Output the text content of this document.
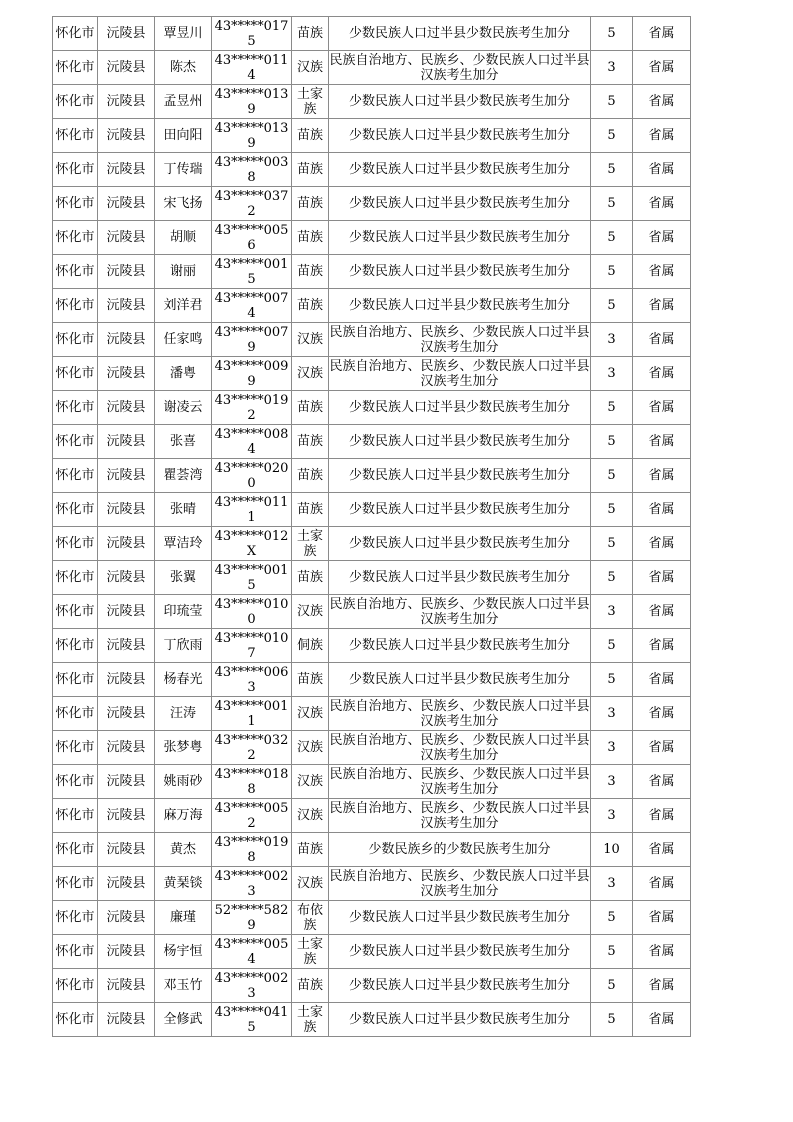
怀化市	沅陵县	覃昱川	43*****0175	苗族	少数民族人口过半县少数民族考生加分	5	省属
怀化市	沅陵县	陈杰	43*****0114	汉族	民族自治地方、民族乡、少数民族人口过半县汉族考生加分	3	省属
怀化市	沅陵县	孟昱州	43*****0139	土家族	少数民族人口过半县少数民族考生加分	5	省属
怀化市	沅陵县	田向阳	43*****0139	苗族	少数民族人口过半县少数民族考生加分	5	省属
怀化市	沅陵县	丁传瑞	43*****0038	苗族	少数民族人口过半县少数民族考生加分	5	省属
怀化市	沅陵县	宋飞扬	43*****0372	苗族	少数民族人口过半县少数民族考生加分	5	省属
怀化市	沅陵县	胡顺	43*****0056	苗族	少数民族人口过半县少数民族考生加分	5	省属
怀化市	沅陵县	谢丽	43*****0015	苗族	少数民族人口过半县少数民族考生加分	5	省属
怀化市	沅陵县	刘洋君	43*****0074	苗族	少数民族人口过半县少数民族考生加分	5	省属
怀化市	沅陵县	任家鸣	43*****0079	汉族	民族自治地方、民族乡、少数民族人口过半县汉族考生加分	3	省属
怀化市	沅陵县	潘粤	43*****0099	汉族	民族自治地方、民族乡、少数民族人口过半县汉族考生加分	3	省属
怀化市	沅陵县	谢凌云	43*****0192	苗族	少数民族人口过半县少数民族考生加分	5	省属
怀化市	沅陵县	张喜	43*****0084	苗族	少数民族人口过半县少数民族考生加分	5	省属
怀化市	沅陵县	瞿荟湾	43*****0200	苗族	少数民族人口过半县少数民族考生加分	5	省属
怀化市	沅陵县	张晴	43*****0111	苗族	少数民族人口过半县少数民族考生加分	5	省属
怀化市	沅陵县	覃洁玲	43*****012X	土家族	少数民族人口过半县少数民族考生加分	5	省属
怀化市	沅陵县	张翼	43*****0015	苗族	少数民族人口过半县少数民族考生加分	5	省属
怀化市	沅陵县	印琉莹	43*****0100	汉族	民族自治地方、民族乡、少数民族人口过半县汉族考生加分	3	省属
怀化市	沅陵县	丁欣雨	43*****0107	侗族	少数民族人口过半县少数民族考生加分	5	省属
怀化市	沅陵县	杨春光	43*****0063	苗族	少数民族人口过半县少数民族考生加分	5	省属
怀化市	沅陵县	汪涛	43*****0011	汉族	民族自治地方、民族乡、少数民族人口过半县汉族考生加分	3	省属
怀化市	沅陵县	张梦粤	43*****0322	汉族	民族自治地方、民族乡、少数民族人口过半县汉族考生加分	3	省属
怀化市	沅陵县	姚雨砂	43*****0188	汉族	民族自治地方、民族乡、少数民族人口过半县汉族考生加分	3	省属
怀化市	沅陵县	麻万海	43*****0052	汉族	民族自治地方、民族乡、少数民族人口过半县汉族考生加分	3	省属
怀化市	沅陵县	黄杰	43*****0198	苗族	少数民族乡的少数民族考生加分	10	省属
怀化市	沅陵县	黄琹锬	43*****0023	汉族	民族自治地方、民族乡、少数民族人口过半县汉族考生加分	3	省属
怀化市	沅陵县	廉瑾	52*****5829	布依族	少数民族人口过半县少数民族考生加分	5	省属
怀化市	沅陵县	杨宇恒	43*****0054	土家族	少数民族人口过半县少数民族考生加分	5	省属
怀化市	沅陵县	邓玉竹	43*****0023	苗族	少数民族人口过半县少数民族考生加分	5	省属
怀化市	沅陵县	全修武	43*****0415	土家族	少数民族人口过半县少数民族考生加分	5	省属
